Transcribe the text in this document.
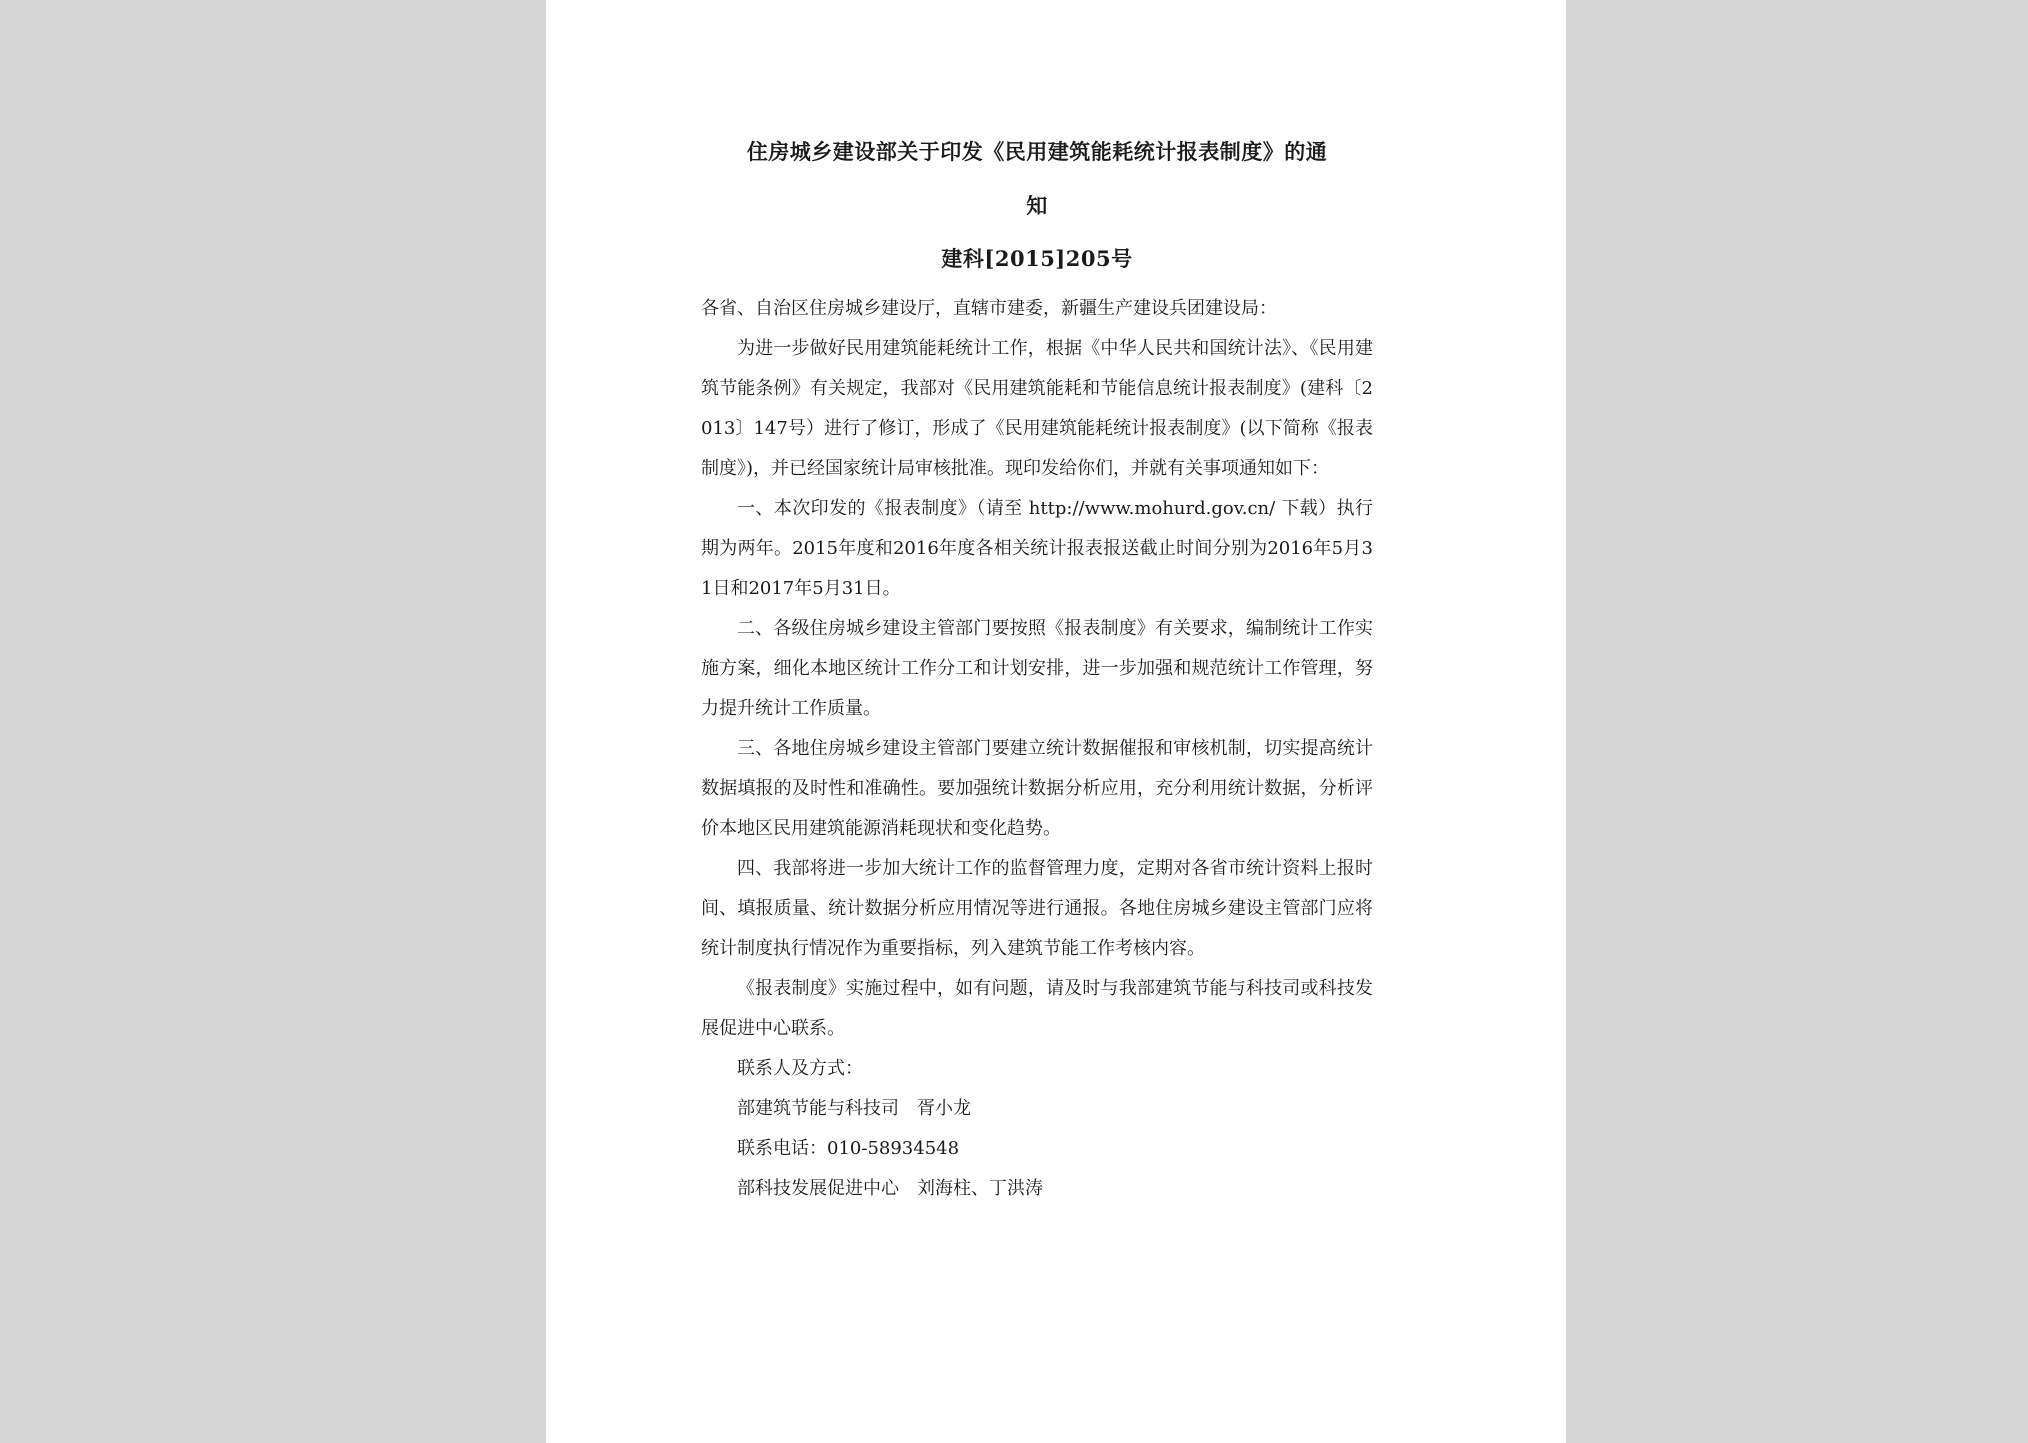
住房城乡建设部关于印发《民用建筑能耗统计报表制度》的通
知
建科[2015]205号

各省、自治区住房城乡建设厅，直辖市建委，新疆生产建设兵团建设局：

为进一步做好民用建筑能耗统计工作，根据《中华人民共和国统计法》、《民用建筑节能条例》有关规定，我部对《民用建筑能耗和节能信息统计报表制度》(建科〔2013〕147号）进行了修订，形成了《民用建筑能耗统计报表制度》(以下简称《报表制度》)，并已经国家统计局审核批准。现印发给你们，并就有关事项通知如下：

一、本次印发的《报表制度》（请至 http://www.mohurd.gov.cn/ 下载）执行期为两年。2015年度和2016年度各相关统计报表报送截止时间分别为2016年5月31日和2017年5月31日。

二、各级住房城乡建设主管部门要按照《报表制度》有关要求，编制统计工作实施方案，细化本地区统计工作分工和计划安排，进一步加强和规范统计工作管理，努力提升统计工作质量。

三、各地住房城乡建设主管部门要建立统计数据催报和审核机制，切实提高统计数据填报的及时性和准确性。要加强统计数据分析应用，充分利用统计数据，分析评价本地区民用建筑能源消耗现状和变化趋势。

四、我部将进一步加大统计工作的监督管理力度，定期对各省市统计资料上报时间、填报质量、统计数据分析应用情况等进行通报。各地住房城乡建设主管部门应将统计制度执行情况作为重要指标，列入建筑节能工作考核内容。

《报表制度》实施过程中，如有问题，请及时与我部建筑节能与科技司或科技发展促进中心联系。

联系人及方式：

部建筑节能与科技司　胥小龙

联系电话：010-58934548

部科技发展促进中心　刘海柱、丁洪涛
